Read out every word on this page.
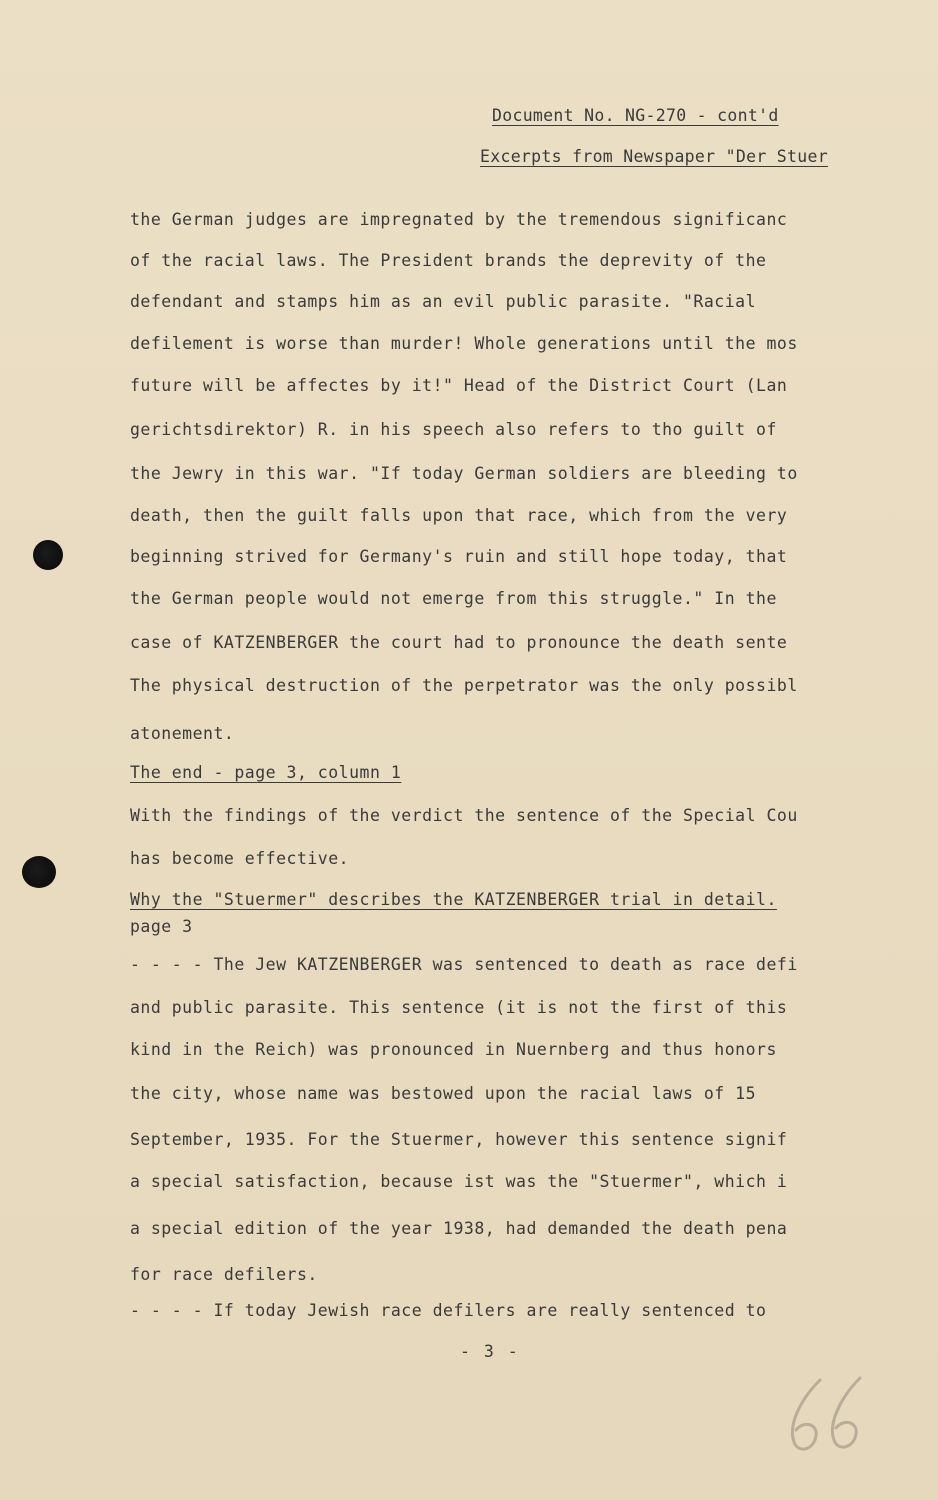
Document No. NG-270 - cont'd
Excerpts from Newspaper "Der Stuer
the German judges are impregnated by the tremendous significanc
of the racial laws. The President brands the deprevity of the
defendant and stamps him as an evil public parasite. "Racial
defilement is worse than murder! Whole generations until the mos
future will be affectes by it!" Head of the District Court (Lan
gerichtsdirektor) R. in his speech also refers to tho guilt of
the Jewry in this war. "If today German soldiers are bleeding to
death, then the guilt falls upon that race, which from the very
beginning strived for Germany's ruin and still hope today, that
the German people would not emerge from this struggle." In the
case of KATZENBERGER the court had to pronounce the death sente
The physical destruction of the perpetrator was the only possibl
atonement.
The end - page 3, column 1
With the findings of the verdict the sentence of the Special Cou
has become effective.
Why the "Stuermer" describes the KATZENBERGER trial in detail.
page 3
- - - - The Jew KATZENBERGER was sentenced to death as race defi
and public parasite. This sentence (it is not the first of this
kind in the Reich) was pronounced in Nuernberg and thus honors
the city, whose name was bestowed upon the racial laws of 15
September, 1935. For the Stuermer, however this sentence signif
a special satisfaction, because ist was the "Stuermer", which i
a special edition of the year 1938, had demanded the death pena
for race defilers.
- - - - If today Jewish race defilers are really sentenced to
- 3 -
